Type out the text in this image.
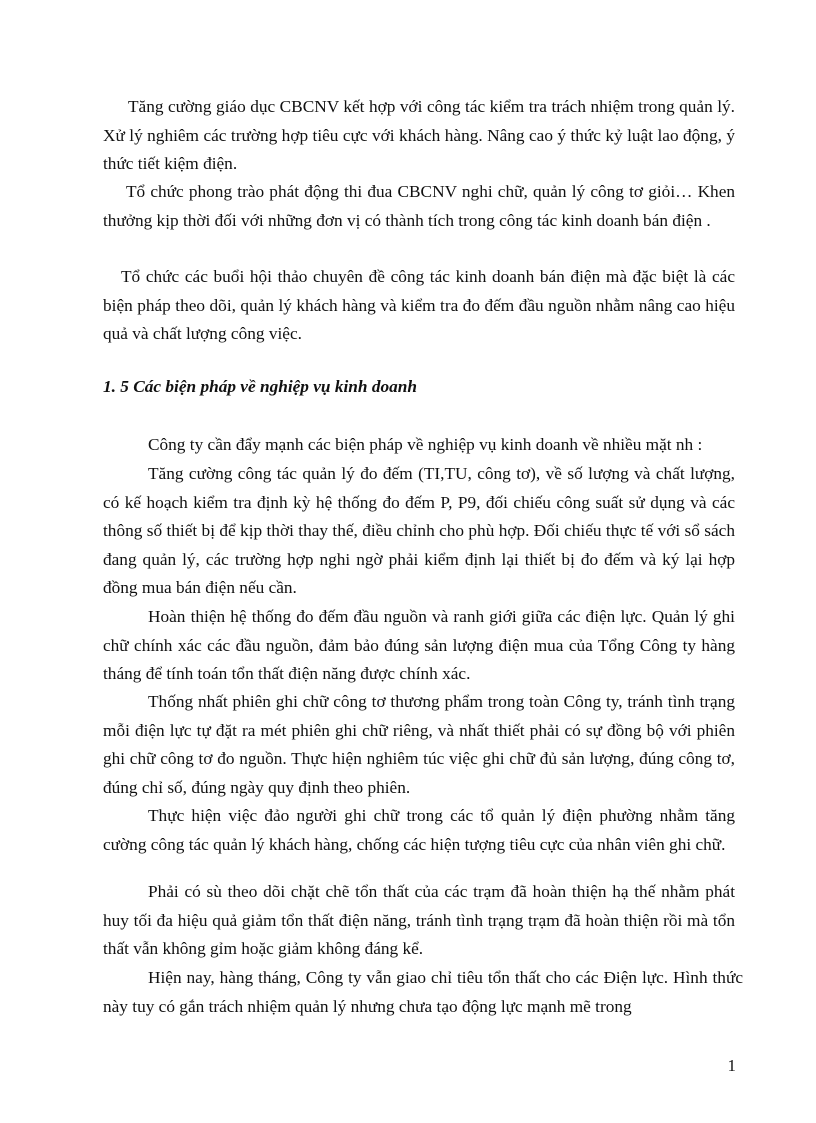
Tăng cường giáo dục CBCNV kết hợp với công tác kiểm tra trách nhiệm trong quản lý. Xử lý nghiêm các trường hợp tiêu cực với khách hàng. Nâng cao ý thức kỷ luật lao động, ý thức tiết kiệm điện.

Tổ chức phong trào phát động thi đua CBCNV nghi chữ, quản lý công tơ giỏi… Khen thưởng kịp thời đối với những đơn vị có thành tích trong công tác kinh doanh bán điện .

Tổ chức các buổi hội thảo chuyên đề công tác kinh doanh bán điện mà đặc biệt là các biện pháp theo dõi, quản lý khách hàng và kiểm tra đo đếm đầu nguồn nhằm nâng cao hiệu quả và chất lượng công việc.

1. 5 Các biện pháp về nghiệp vụ kinh doanh

Công ty cần đẩy mạnh các biện pháp về nghiệp vụ kinh doanh về nhiều mặt nh :

Tăng cường công tác quản lý đo đếm (TI,TU, công tơ), về số lượng và chất lượng, có kế hoạch kiểm tra định kỳ hệ thống đo đếm P, P9, đối chiếu công suất sử dụng và các thông số thiết bị để kịp thời thay thế, điều chỉnh cho phù hợp. Đối chiếu thực tế với sổ sách đang quản lý, các trường hợp nghi ngờ phải kiểm định lại thiết bị đo đếm và ký lại hợp đồng mua bán điện nếu cần.

Hoàn thiện hệ thống đo đếm đầu nguồn và ranh giới giữa các điện lực. Quản lý ghi chữ chính xác các đầu nguồn, đảm bảo đúng sản lượng điện mua của Tổng Công ty hàng tháng để tính toán tổn thất điện năng được chính xác.

Thống nhất phiên ghi chữ công tơ thương phẩm trong toàn Công ty, tránh tình trạng mỗi điện lực tự đặt ra mét phiên ghi chữ riêng, và nhất thiết phải có sự đồng bộ với phiên ghi chữ công tơ đo nguồn. Thực hiện nghiêm túc việc ghi chữ đủ sản lượng, đúng công tơ, đúng chỉ số, đúng ngày quy định theo phiên.

Thực hiện việc đảo người ghi chữ trong các tổ quản lý điện phường nhằm tăng cường công tác quản lý khách hàng, chống các hiện tượng tiêu cực của nhân viên ghi chữ.

Phải có sù theo dõi chặt chẽ tổn thất của các trạm đã hoàn thiện hạ thế nhằm phát huy tối đa hiệu quả giảm tổn thất điện năng, tránh tình trạng trạm đã hoàn thiện rồi mà tổn thất vẫn không gỉm hoặc giảm không đáng kể.

Hiện nay, hàng tháng, Công ty vẫn giao chỉ tiêu tổn thất cho các Điện lực. Hình thức này tuy có gắn trách nhiệm quản lý nhưng chưa tạo động lực mạnh mẽ trong

1
